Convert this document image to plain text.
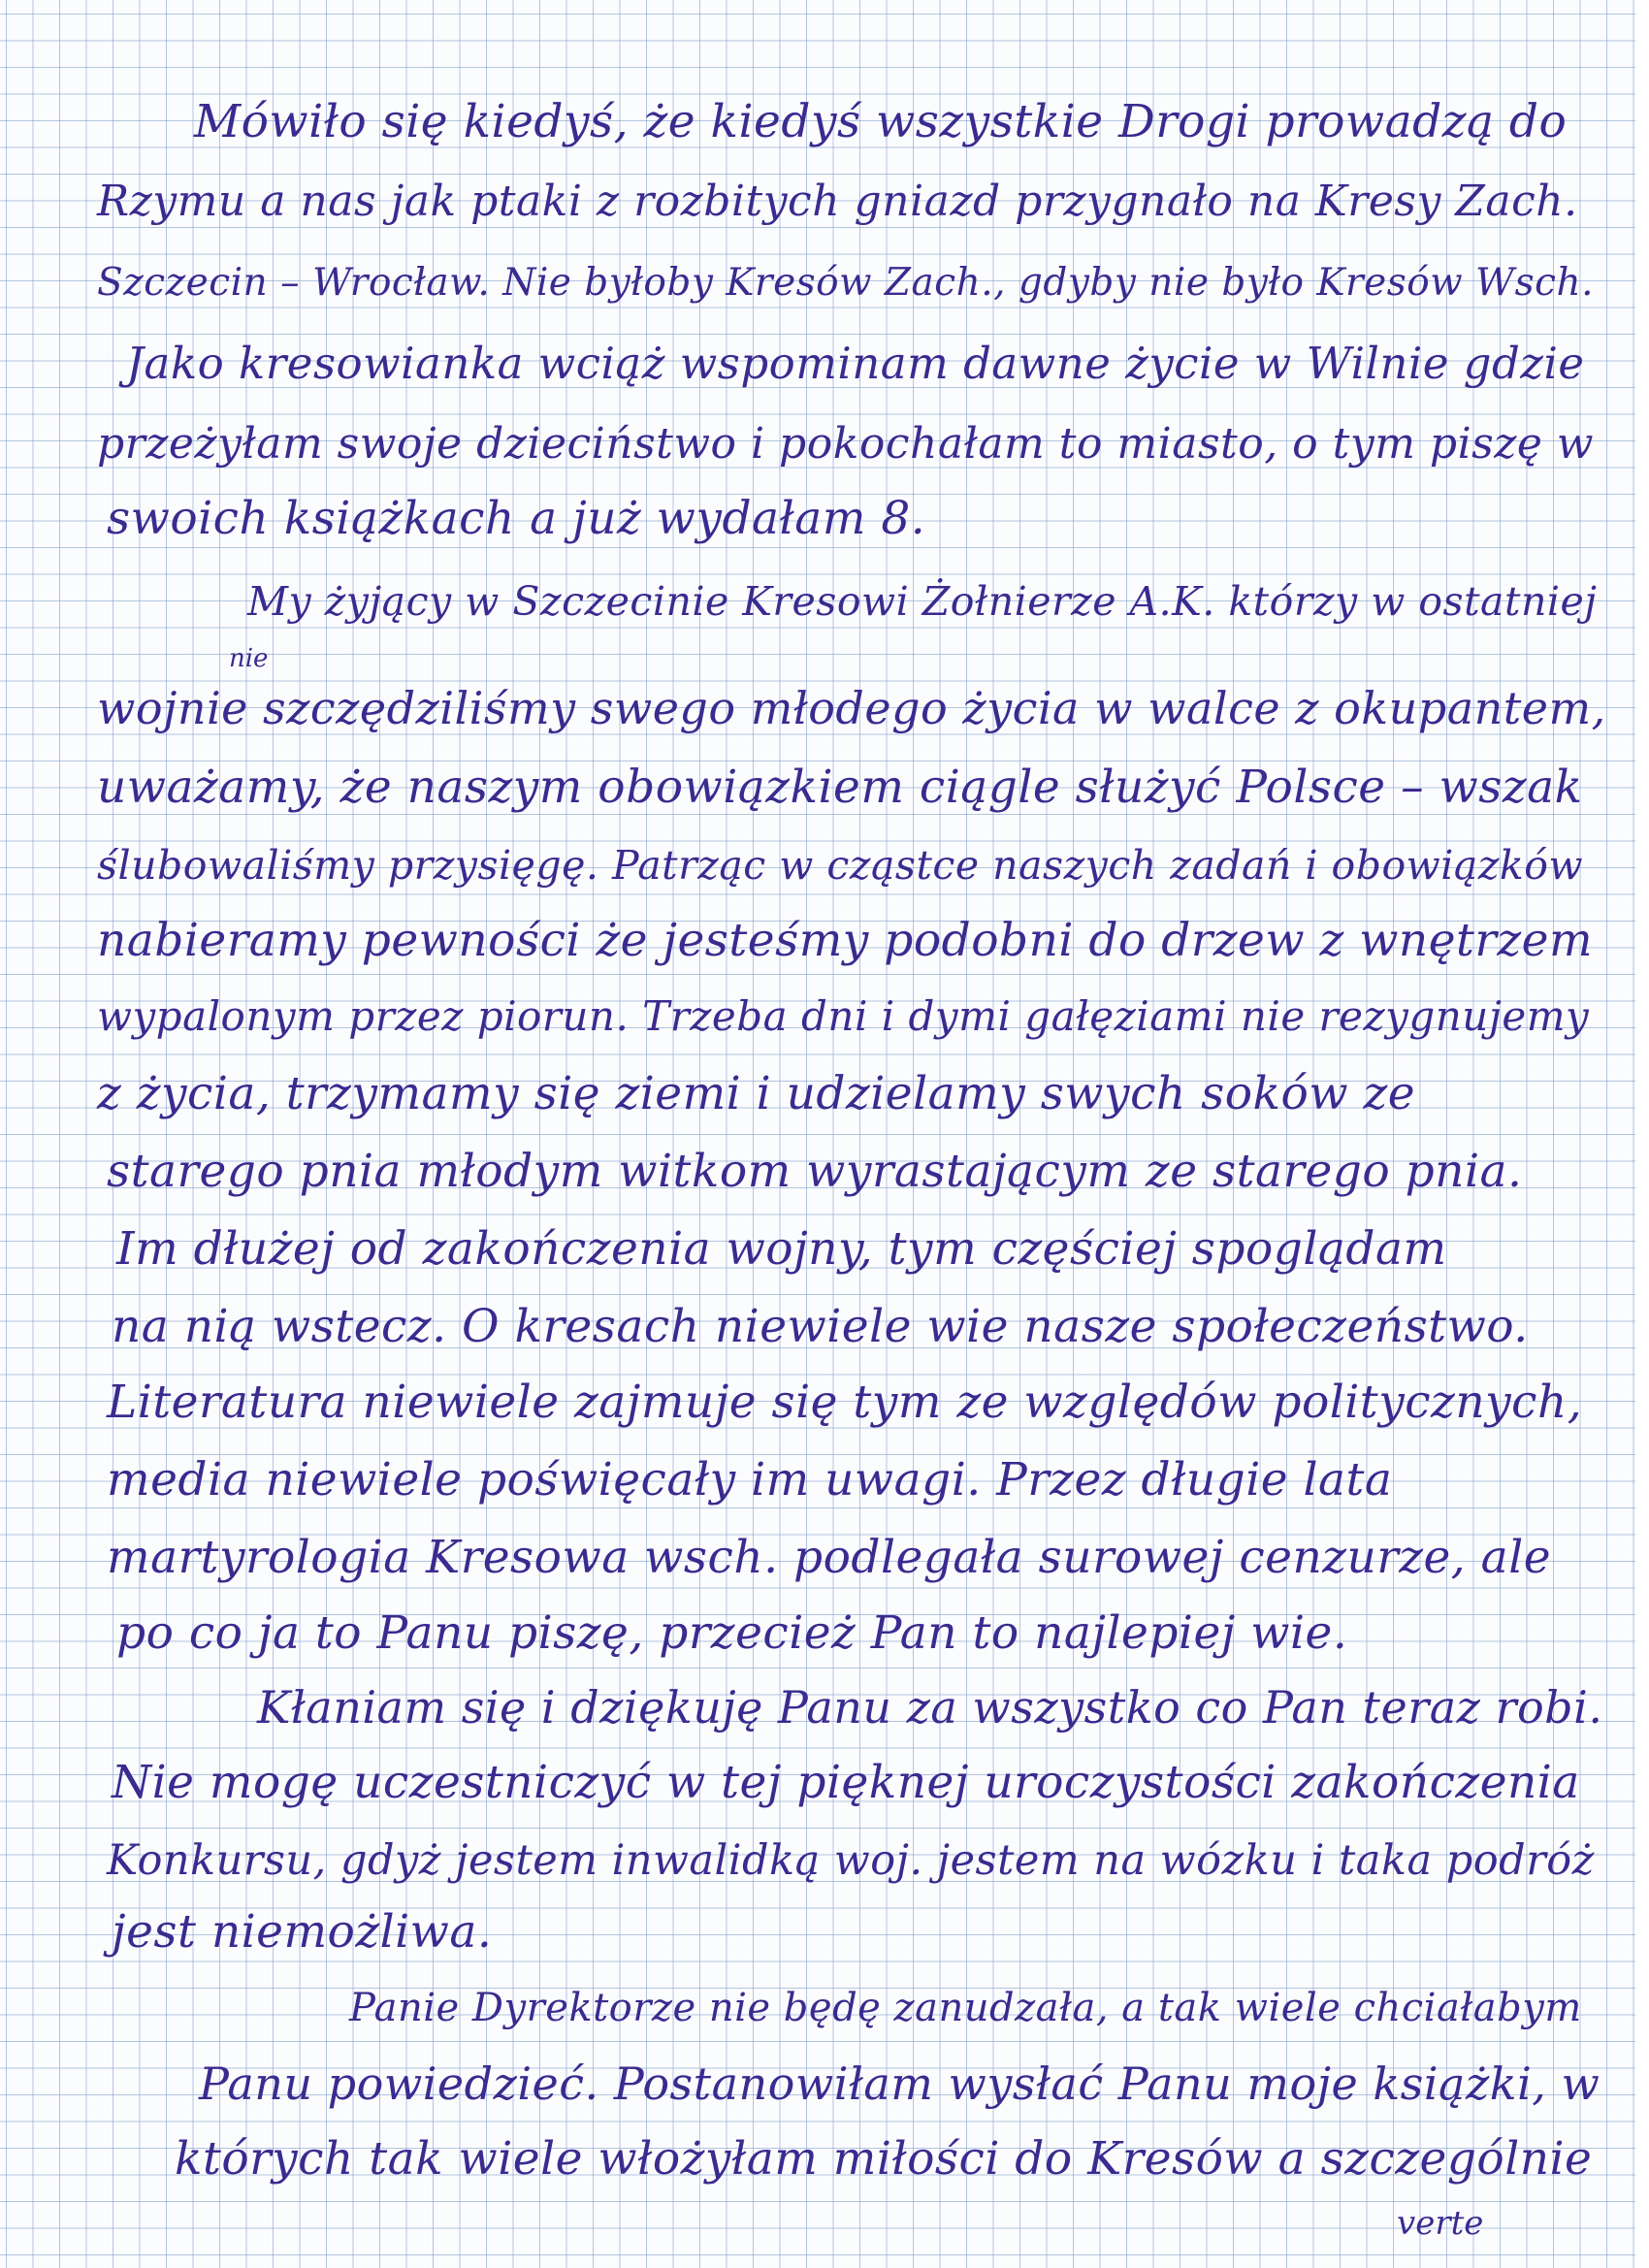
Mówiło się kiedyś, że kiedyś wszystkie Drogi prowadzą do
Rzymu a nas jak ptaki z rozbitych gniazd przygnało na Kresy Zach.
Szczecin – Wrocław. Nie byłoby Kresów Zach., gdyby nie było Kresów Wsch.
Jako kresowianka wciąż wspominam dawne życie w Wilnie gdzie
przeżyłam swoje dzieciństwo i pokochałam to miasto, o tym piszę w
swoich książkach a już wydałam 8.
My żyjący w Szczecinie Kresowi Żołnierze A.K. którzy w ostatniej
nie
wojnie szczędziliśmy swego młodego życia w walce z okupantem,
uważamy, że naszym obowiązkiem ciągle służyć Polsce – wszak
ślubowaliśmy przysięgę. Patrząc w cząstce naszych zadań i obowiązków
nabieramy pewności że jesteśmy podobni do drzew z wnętrzem
wypalonym przez piorun. Trzeba dni i dymi gałęziami nie rezygnujemy
z życia, trzymamy się ziemi i udzielamy swych soków ze
starego pnia młodym witkom wyrastającym ze starego pnia.
Im dłużej od zakończenia wojny, tym częściej spoglądam
na nią wstecz. O kresach niewiele wie nasze społeczeństwo.
Literatura niewiele zajmuje się tym ze względów politycznych,
media niewiele poświęcały im uwagi. Przez długie lata
martyrologia Kresowa wsch. podlegała surowej cenzurze, ale
po co ja to Panu piszę, przecież Pan to najlepiej wie.
Kłaniam się i dziękuję Panu za wszystko co Pan teraz robi.
Nie mogę uczestniczyć w tej pięknej uroczystości zakończenia
Konkursu, gdyż jestem inwalidką woj. jestem na wózku i taka podróż
jest niemożliwa.
Panie Dyrektorze nie będę zanudzała, a tak wiele chciałabym
Panu powiedzieć. Postanowiłam wysłać Panu moje książki, w
których tak wiele włożyłam miłości do Kresów a szczególnie
verte
